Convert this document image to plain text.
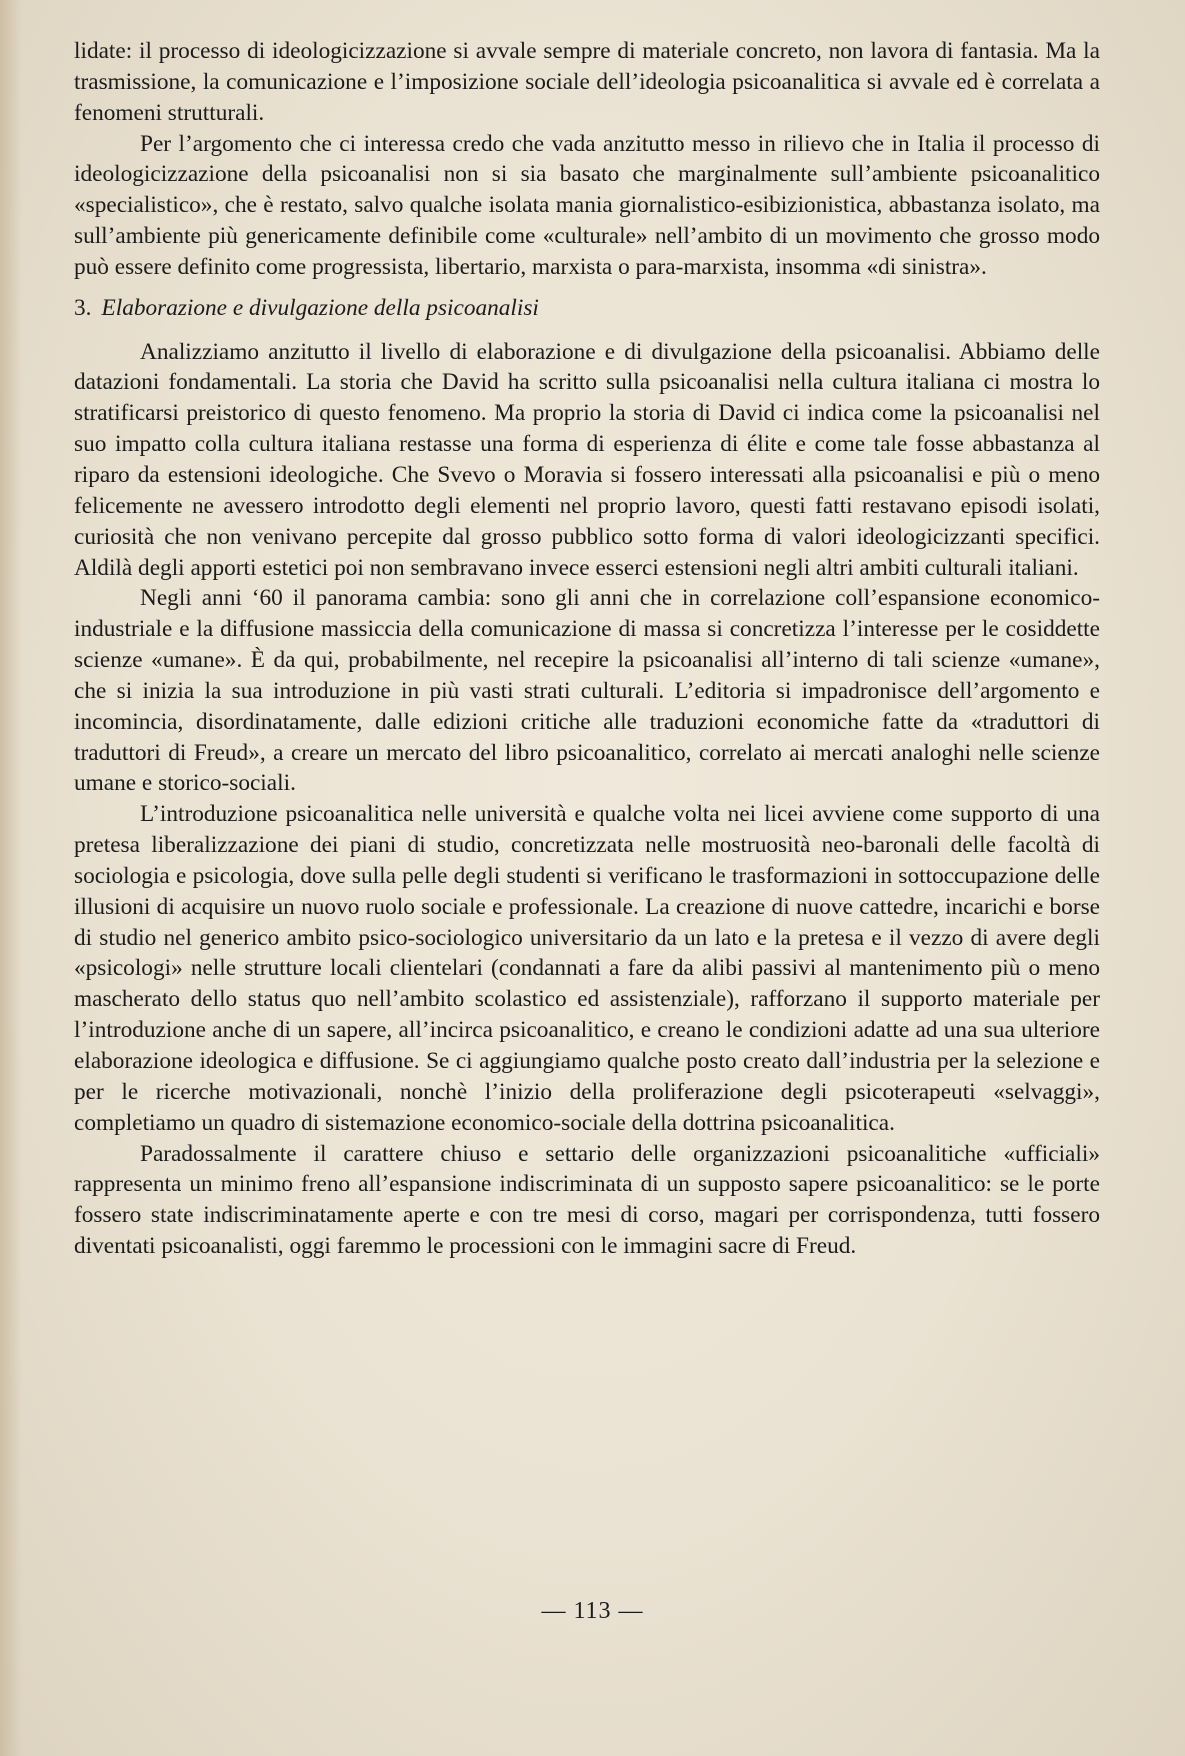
lidate: il processo di ideologicizzazione si avvale sempre di materiale concreto, non lavora di fantasia. Ma la trasmissione, la comunicazione e l’imposizione sociale dell’ideologia psicoanalitica si avvale ed è correlata a fenomeni strutturali.

Per l’argomento che ci interessa credo che vada anzitutto messo in rilievo che in Italia il processo di ideologicizzazione della psicoanalisi non si sia basato che marginalmente sull’ambiente psicoanalitico «specialistico», che è restato, salvo qualche isolata mania giornalistico-esibizionistica, abbastanza isolato, ma sull’ambiente più genericamente definibile come «culturale» nell’ambito di un movimento che grosso modo può essere definito come progressista, libertario, marxista o para-marxista, insomma «di sinistra».

3. Elaborazione e divulgazione della psicoanalisi

Analizziamo anzitutto il livello di elaborazione e di divulgazione della psicoanalisi. Abbiamo delle datazioni fondamentali. La storia che David ha scritto sulla psicoanalisi nella cultura italiana ci mostra lo stratificarsi preistorico di questo fenomeno. Ma proprio la storia di David ci indica come la psicoanalisi nel suo impatto colla cultura italiana restasse una forma di esperienza di élite e come tale fosse abbastanza al riparo da estensioni ideologiche. Che Svevo o Moravia si fossero interessati alla psicoanalisi e più o meno felicemente ne avessero introdotto degli elementi nel proprio lavoro, questi fatti restavano episodi isolati, curiosità che non venivano percepite dal grosso pubblico sotto forma di valori ideologicizzanti specifici. Aldilà degli apporti estetici poi non sembravano invece esserci estensioni negli altri ambiti culturali italiani.

Negli anni ‘60 il panorama cambia: sono gli anni che in correlazione coll’espansione economico-industriale e la diffusione massiccia della comunicazione di massa si concretizza l’interesse per le cosiddette scienze «umane». È da qui, probabilmente, nel recepire la psicoanalisi all’interno di tali scienze «umane», che si inizia la sua introduzione in più vasti strati culturali. L’editoria si impadronisce dell’argomento e incomincia, disordinatamente, dalle edizioni critiche alle traduzioni economiche fatte da «traduttori di traduttori di Freud», a creare un mercato del libro psicoanalitico, correlato ai mercati analoghi nelle scienze umane e storico-sociali.

L’introduzione psicoanalitica nelle università e qualche volta nei licei avviene come supporto di una pretesa liberalizzazione dei piani di studio, concretizzata nelle mostruosità neo-baronali delle facoltà di sociologia e psicologia, dove sulla pelle degli studenti si verificano le trasformazioni in sottoccupazione delle illusioni di acquisire un nuovo ruolo sociale e professionale. La creazione di nuove cattedre, incarichi e borse di studio nel generico ambito psico-sociologico universitario da un lato e la pretesa e il vezzo di avere degli «psicologi» nelle strutture locali clientelari (condannati a fare da alibi passivi al mantenimento più o meno mascherato dello status quo nell’ambito scolastico ed assistenziale), rafforzano il supporto materiale per l’introduzione anche di un sapere, all’incirca psicoanalitico, e creano le condizioni adatte ad una sua ulteriore elaborazione ideologica e diffusione. Se ci aggiungiamo qualche posto creato dall’industria per la selezione e per le ricerche motivazionali, nonchè l’inizio della proliferazione degli psicoterapeuti «selvaggi», completiamo un quadro di sistemazione economico-sociale della dottrina psicoanalitica.

Paradossalmente il carattere chiuso e settario delle organizzazioni psicoanalitiche «ufficiali» rappresenta un minimo freno all’espansione indiscriminata di un supposto sapere psicoanalitico: se le porte fossero state indiscriminatamente aperte e con tre mesi di corso, magari per corrispondenza, tutti fossero diventati psicoanalisti, oggi faremmo le processioni con le immagini sacre di Freud.

— 113 —
